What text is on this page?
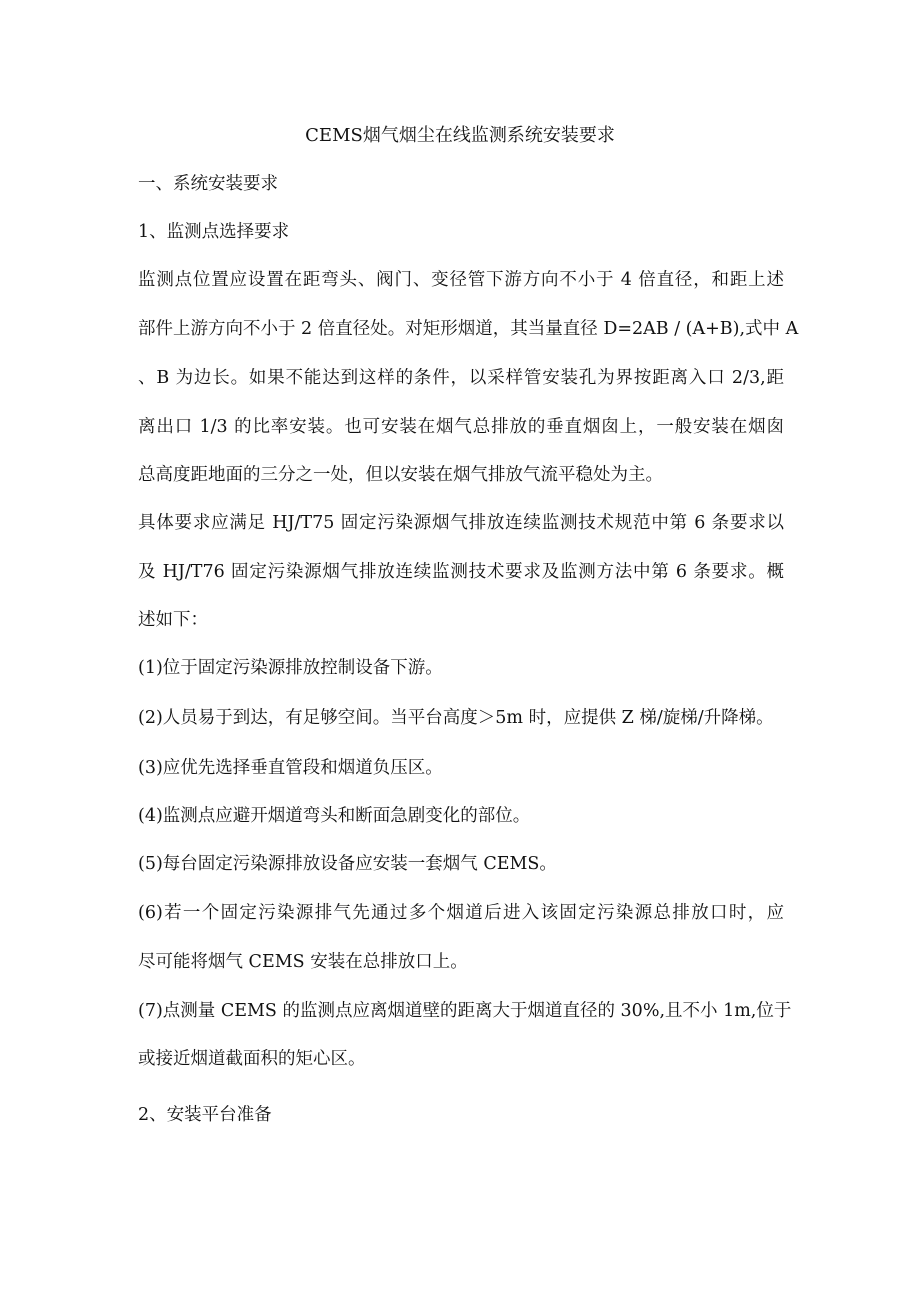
CEMS烟气烟尘在线监测系统安装要求
一、系统安装要求
1、监测点选择要求
监测点位置应设置在距弯头、阀门、变径管下游方向不小于 4 倍直径，和距上述
部件上游方向不小于 2 倍直径处。对矩形烟道，其当量直径 D=2AB / (A+B),式中 A
、B 为边长。如果不能达到这样的条件，以采样管安装孔为界按距离入口 2/3,距
离出口 1/3 的比率安装。也可安装在烟气总排放的垂直烟囱上，一般安装在烟囱
总高度距地面的三分之一处，但以安装在烟气排放气流平稳处为主。
具体要求应满足 HJ/T75 固定污染源烟气排放连续监测技术规范中第 6 条要求以
及 HJ/T76 固定污染源烟气排放连续监测技术要求及监测方法中第 6 条要求。概
述如下：
(1)位于固定污染源排放控制设备下游。
(2)人员易于到达，有足够空间。当平台高度＞5m 时，应提供 Z 梯/旋梯/升降梯。
(3)应优先选择垂直管段和烟道负压区。
(4)监测点应避开烟道弯头和断面急剧变化的部位。
(5)每台固定污染源排放设备应安装一套烟气 CEMS。
(6)若一个固定污染源排气先通过多个烟道后进入该固定污染源总排放口时，应
尽可能将烟气 CEMS 安装在总排放口上。
(7)点测量 CEMS 的监测点应离烟道壁的距离大于烟道直径的 30%,且不小 1m,位于
或接近烟道截面积的矩心区。
2、安装平台准备
